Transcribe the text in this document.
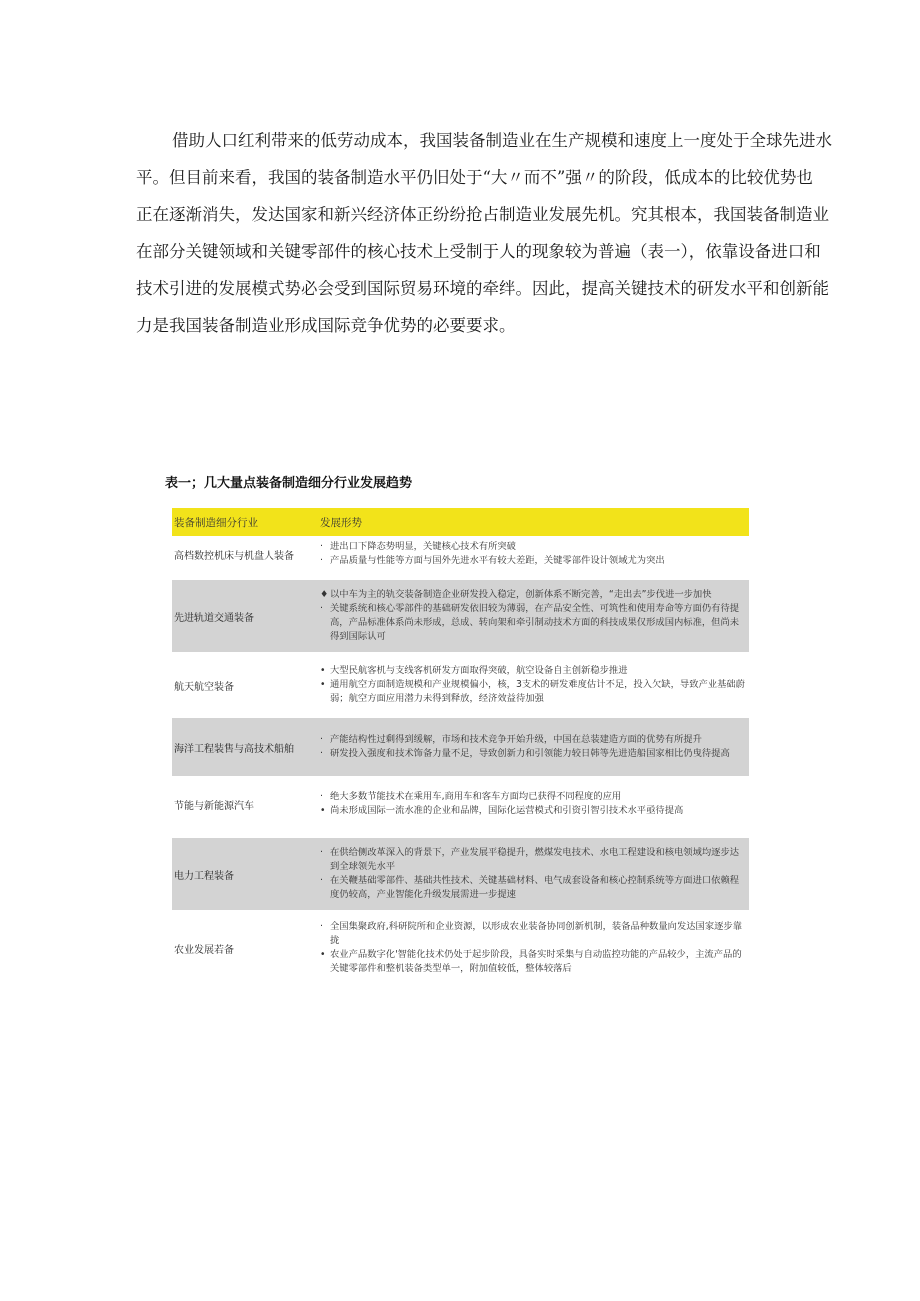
借助人口红利带来的低劳动成本，我国装备制造业在生产规模和速度上一度处于全球先进水
平。但目前来看，我国的装备制造水平仍旧处于“大〃而不”强〃的阶段，低成本的比较优势也
正在逐渐消失，发达国家和新兴经济体正纷纷抢占制造业发展先机。究其根本，我国装备制造业
在部分关键领域和关键零部件的核心技术上受制于人的现象较为普遍（表一），依靠设备进口和
技术引进的发展模式势必会受到国际贸易环境的牵绊。因此，提高关键技术的研发水平和创新能
力是我国装备制造业形成国际竞争优势的必要要求。
表一；几大量点装备制造细分行业发展趋势
装备制造细分行业	发展形势
高档数控机床与机盘人装备	· 进出口下降态势明显，关键核心技术有所突破
· 产品质量与性能等方面与国外先进水平有较大差距，关键零部件设计领域尤为突出

先进轨道交通装备	♦ 以中车为主的轨交装备制造企业研发投入稳定，创新体系不断完善，“走出去”步伐进一步加快
· 关键系统和核心零部件的基础研发依旧较为薄弱，在产品安全性、可筑性和使用寿命等方面仍有待提高，产品标准体系尚未形成，总成、转向架和牵引制动技术方面的科技成果仅形成国内标准，但尚未得到国际认可

航天航空装备	• 大型民航客机与支线客机研发方面取得突破，航空设备自主创新稳步推进
• 通用航空方面制造规模和产业规模偏小，核，3支术的研发难度估计不足，投入欠缺，导致产业基础蔚弱；航空方面应用潜力未得到释放，经济效益待加强

海洋工程装售与高技术船舶	· 产能结构性过剩得到缓解，市场和技术竞争开始升级，中国在总装建造方面的优势有所提升
· 研发投入强度和技术饰备力量不足，导致创新力和引领能力较日韩等先进造船国家相比仍曳待提高

节能与新能源汽车	· 绝大多数节能技术在乘用车,商用车和客车方面均已获得不同程度的应用
• 尚未形成国际一流水准的企业和品牌，国际化运营模式和引资引智引技术水平亟待提高

电力工程装备	· 在供给侧改革深入的背景下，产业发展平稳提升，燃煤发电技术、水电工程建设和核电领域均逐步达到全球领先水平
· 在关鞭基础零部件、基础共性技术、关键基础材料、电气成套设备和核心控制系统等方面进口依赖程度仍较高，产业智能化升级发展需进一步提速

农业发展若备	· 全国集聚政府,科研院所和企业资源，以形成农业装备协同创新机制，装备品种数量向发达国家逐步靠拢
• 农业产品数字化'智能化技术仍处于起步阶段，具备实时采集与自动监控功能的产品较少，主流产品的关键零部件和整机装备类型单一，附加值较低，整体较落后
